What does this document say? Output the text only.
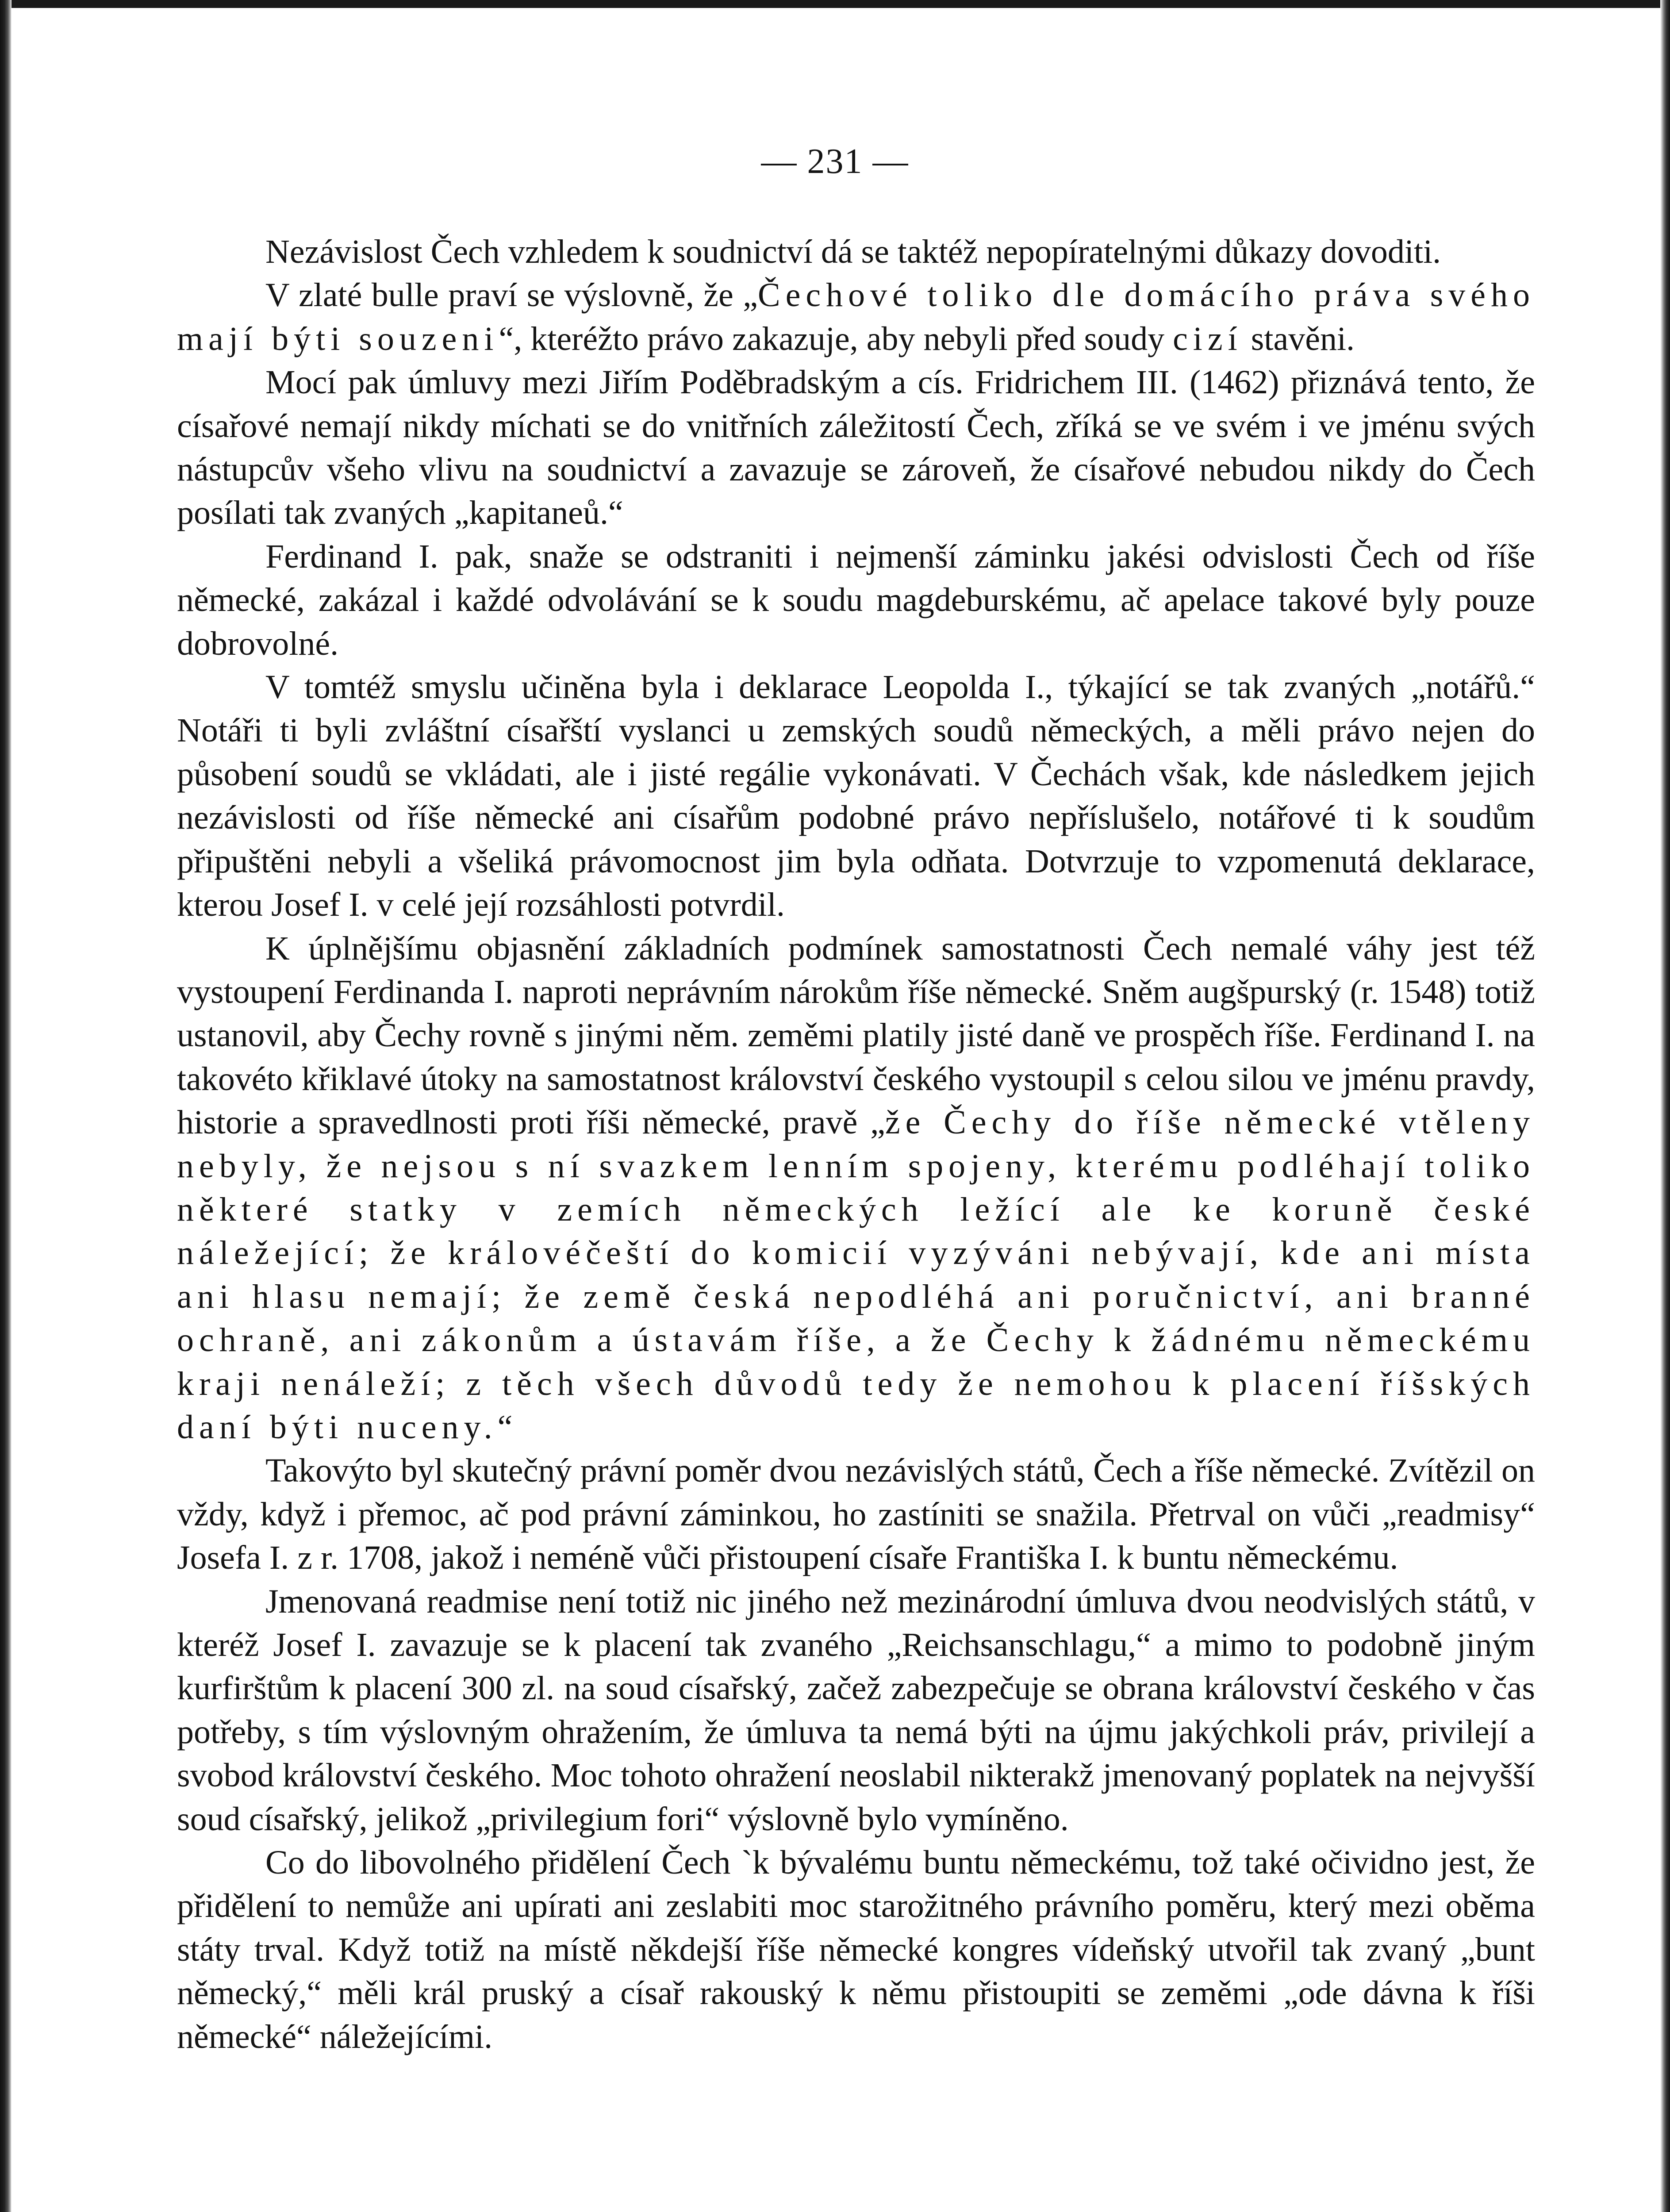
— 231 —

Nezávislost Čech vzhledem k soudnictví dá se taktéž nepopíratelnými důkazy dovoditi.

V zlaté bulle praví se výslovně, že „Čechové toliko dle domácího práva svého mají býti souzeni“, kteréžto právo zakazuje, aby nebyli před soudy cizí stavěni.

Mocí pak úmluvy mezi Jiřím Poděbradským a cís. Fridrichem III. (1462) přiznává tento, že císařové nemají nikdy míchati se do vnitřních záležitostí Čech, zříká se ve svém i ve jménu svých nástupcův všeho vlivu na soudnictví a zavazuje se zároveň, že císařové nebudou nikdy do Čech posílati tak zvaných „kapitaneů.“

Ferdinand I. pak, snaže se odstraniti i nejmenší záminku jakési odvislosti Čech od říše německé, zakázal i každé odvolávání se k soudu magdeburskému, ač apelace takové byly pouze dobrovolné.

V tomtéž smyslu učiněna byla i deklarace Leopolda I., týkající se tak zvaných „notářů.“ Notáři ti byli zvláštní císařští vyslanci u zemských soudů německých, a měli právo nejen do působení soudů se vkládati, ale i jisté regálie vykonávati. V Čechách však, kde následkem jejich nezávislosti od říše německé ani císařům podobné právo nepříslušelo, notářové ti k soudům připuštěni nebyli a všeliká právomocnost jim byla odňata. Dotvrzuje to vzpomenutá deklarace, kterou Josef I. v celé její rozsáhlosti potvrdil.

K úplnějšímu objasnění základních podmínek samostatnosti Čech nemalé váhy jest též vystoupení Ferdinanda I. naproti neprávním nárokům říše německé. Sněm augšpurský (r. 1548) totiž ustanovil, aby Čechy rovně s jinými něm. zeměmi platily jisté daně ve prospěch říše. Ferdinand I. na takovéto křiklavé útoky na samostatnost království českého vystoupil s celou silou ve jménu pravdy, historie a spravedlnosti proti říši německé, pravě „že Čechy do říše německé vtěleny nebyly, že nejsou s ní svazkem lenním spojeny, kterému podléhají toliko některé statky v zemích německých ležící ale ke koruně české náležející; že královéčeští do komicií vyzýváni nebývají, kde ani místa ani hlasu nemají; že země česká nepodléhá ani poručnictví, ani branné ochraně, ani zákonům a ústavám říše, a že Čechy k žádnému německému kraji nenáleží; z těch všech důvodů tedy že nemohou k placení říšských daní býti nuceny.“

Takovýto byl skutečný právní poměr dvou nezávislých států, Čech a říše německé. Zvítězil on vždy, když i přemoc, ač pod právní záminkou, ho zastíniti se snažila. Přetrval on vůči „readmisy“ Josefa I. z r. 1708, jakož i neméně vůči přistoupení císaře Františka I. k buntu německému.

Jmenovaná readmise není totiž nic jiného než mezinárodní úmluva dvou neodvislých států, v kteréž Josef I. zavazuje se k placení tak zvaného „Reichsanschlagu,“ a mimo to podobně jiným kurfirštům k placení 300 zl. na soud císařský, začež zabezpečuje se obrana království českého v čas potřeby, s tím výslovným ohražením, že úmluva ta nemá býti na újmu jakýchkoli práv, privilejí a svobod království českého. Moc tohoto ohražení neoslabil nikterakž jmenovaný poplatek na nejvyšší soud císařský, jelikož „privilegium fori“ výslovně bylo vymíněno.

Co do libovolného přidělení Čech `k bývalému buntu německému, tož také očividno jest, že přidělení to nemůže ani upírati ani zeslabiti moc starožitného právního poměru, který mezi oběma státy trval. Když totiž na místě někdejší říše německé kongres vídeňský utvořil tak zvaný „bunt německý,“ měli král pruský a císař rakouský k němu přistoupiti se zeměmi „ode dávna k říši německé“ náležejícími.
